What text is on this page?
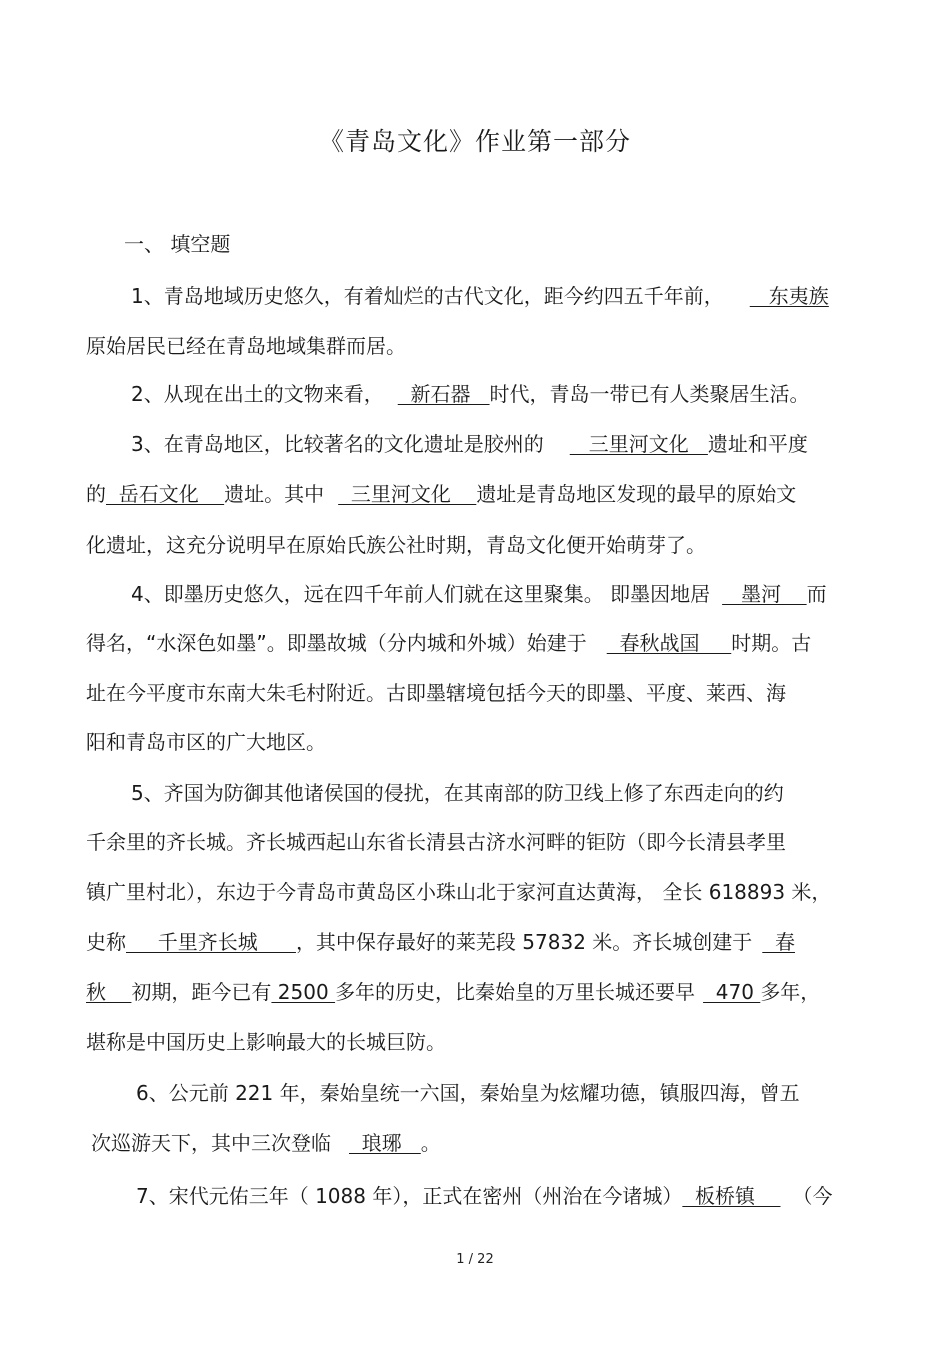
《青岛文化》作业第一部分
一、 填空题
1、青岛地域历史悠久，有着灿烂的古代文化，距今约四五千年前，   东夷族
原始居民已经在青岛地域集群而居。
2、从现在出土的文物来看，  新石器   时代，青岛一带已有人类聚居生活。
3、在青岛地区，比较著名的文化遗址是胶州的   三里河文化   遗址和平度
的  岳石文化    遗址。其中  三里河文化    遗址是青岛地区发现的最早的原始文
化遗址，这充分说明早在原始氏族公社时期，青岛文化便开始萌芽了。
4、即墨历史悠久，远在四千年前人们就在这里聚集。 即墨因地居   墨河    而
得名，“水深色如墨”。即墨故城（分内城和外城）始建于  春秋战国     时期。古
址在今平度市东南大朱毛村附近。古即墨辖境包括今天的即墨、平度、莱西、海
阳和青岛市区的广大地区。
5、齐国为防御其他诸侯国的侵扰，在其南部的防卫线上修了东西走向的约
千余里的齐长城。齐长城西起山东省长清县古济水河畔的钜防（即今长清县孝里
镇广里村北），东边于今青岛市黄岛区小珠山北于家河直达黄海， 全长 618893 米，
史称     千里齐长城      ，其中保存最好的莱芜段 57832 米。齐长城创建于  春
秋    初期，距今已有 2500 多年的历史，比秦始皇的万里长城还要早  470 多年，
堪称是中国历史上影响最大的长城巨防。
6、公元前 221 年，秦始皇统一六国，秦始皇为炫耀功德，镇服四海，曾五
次巡游天下，其中三次登临  琅琊   。
7、宋代元佑三年（ 1088 年），正式在密州（州治在今诸城）  板桥镇    （今
1 / 22
